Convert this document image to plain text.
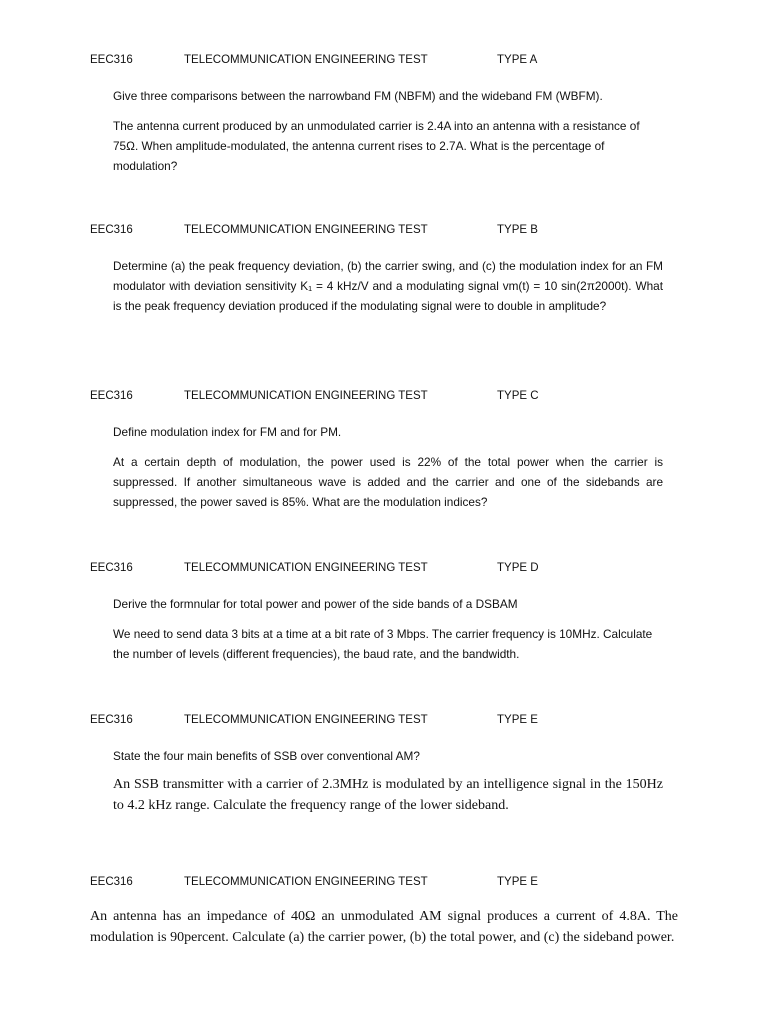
EEC316	TELECOMMUNICATION ENGINEERING TEST	TYPE A
Give three comparisons between the narrowband FM (NBFM) and the wideband FM (WBFM).
The antenna current produced by an unmodulated carrier is 2.4A into an antenna with a resistance of 75Ω. When amplitude-modulated, the antenna current rises to 2.7A. What is the percentage of modulation?
EEC316	TELECOMMUNICATION ENGINEERING TEST	TYPE B
Determine (a) the peak frequency deviation, (b) the carrier swing, and (c) the modulation index for an FM modulator with deviation sensitivity K₁ = 4 kHz/V and a modulating signal vm(t) = 10 sin(2π2000t). What is the peak frequency deviation produced if the modulating signal were to double in amplitude?
EEC316	TELECOMMUNICATION ENGINEERING TEST	TYPE C
Define modulation index for FM and for PM.
At a certain depth of modulation, the power used is 22% of the total power when the carrier is suppressed. If another simultaneous wave is added and the carrier and one of the sidebands are suppressed, the power saved is 85%. What are the modulation indices?
EEC316	TELECOMMUNICATION ENGINEERING TEST	TYPE D
Derive the formnular for total power and power of the side bands of a DSBAM
We need to send data 3 bits at a time at a bit rate of 3 Mbps. The carrier frequency is 10MHz. Calculate the number of levels (different frequencies), the baud rate, and the bandwidth.
EEC316	TELECOMMUNICATION ENGINEERING TEST	TYPE E
State the four main benefits of SSB over conventional AM?
An SSB transmitter with a carrier of 2.3MHz is modulated by an intelligence signal in the 150Hz to 4.2 kHz range. Calculate the frequency range of the lower sideband.
EEC316	TELECOMMUNICATION ENGINEERING TEST	TYPE E
An antenna has an impedance of 40Ω an unmodulated AM signal produces a current of 4.8A. The modulation is 90percent. Calculate (a) the carrier power, (b) the total power, and (c) the sideband power.
